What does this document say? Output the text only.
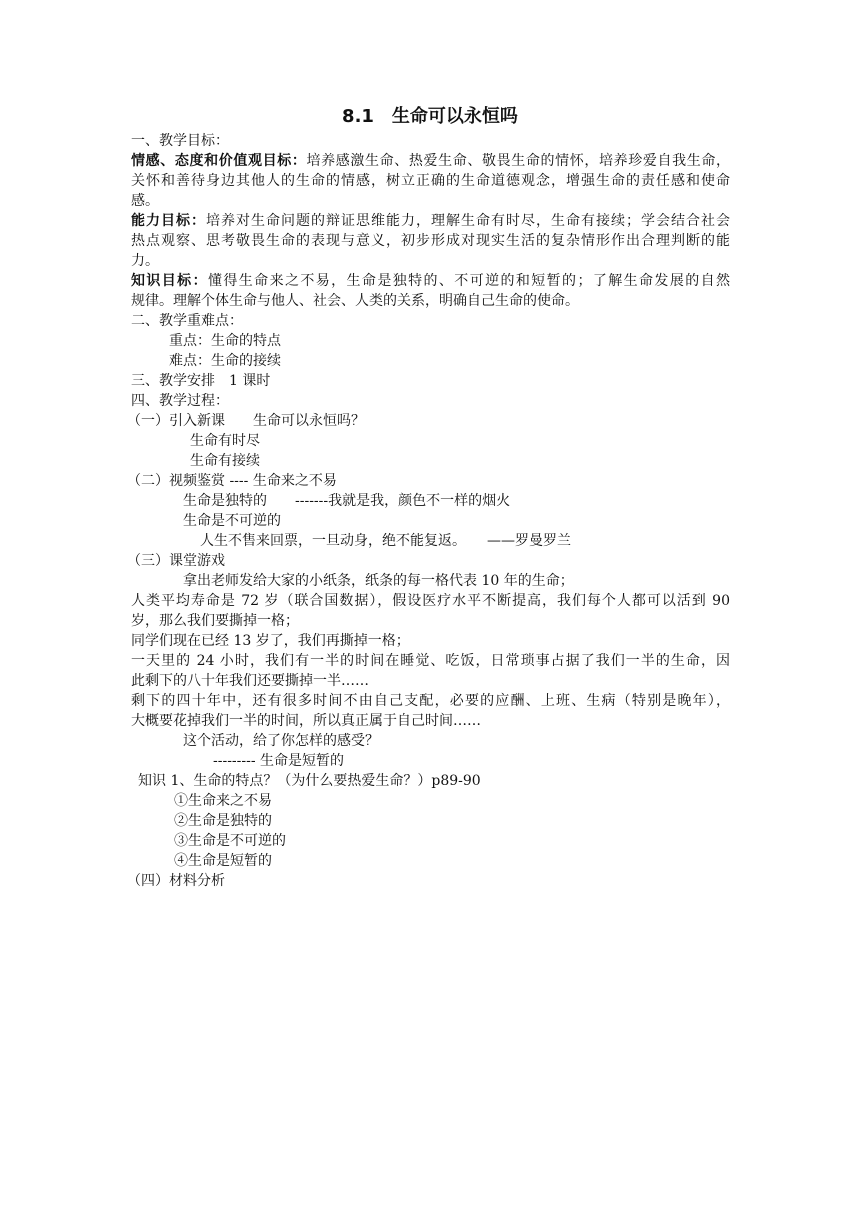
8.1　生命可以永恒吗
一、教学目标：
情感、态度和价值观目标：培养感激生命、热爱生命、敬畏生命的情怀，培养珍爱自我生命，
关怀和善待身边其他人的生命的情感，树立正确的生命道德观念，增强生命的责任感和使命
感。
能力目标：培养对生命问题的辩证思维能力，理解生命有时尽，生命有接续；学会结合社会
热点观察、思考敬畏生命的表现与意义，初步形成对现实生活的复杂情形作出合理判断的能
力。
知识目标：懂得生命来之不易，生命是独特的、不可逆的和短暂的；了解生命发展的自然
规律。理解个体生命与他人、社会、人类的关系，明确自己生命的使命。
二、教学重难点：
重点：生命的特点
难点：生命的接续
三、教学安排　1 课时
四、教学过程：
（一）引入新课　　生命可以永恒吗？
生命有时尽
生命有接续
（二）视频鉴赏 ---- 生命来之不易
生命是独特的　　-------我就是我，颜色不一样的烟火
生命是不可逆的
人生不售来回票，一旦动身，绝不能复返。　　——罗曼罗兰
（三）课堂游戏
拿出老师发给大家的小纸条，纸条的每一格代表 10 年的生命；
人类平均寿命是 72 岁（联合国数据），假设医疗水平不断提高，我们每个人都可以活到 90
岁，那么我们要撕掉一格；
同学们现在已经 13 岁了，我们再撕掉一格；
一天里的 24 小时，我们有一半的时间在睡觉、吃饭，日常琐事占据了我们一半的生命，因
此剩下的八十年我们还要撕掉一半……
剩下的四十年中，还有很多时间不由自己支配，必要的应酬、上班、生病（特别是晚年），
大概要花掉我们一半的时间，所以真正属于自己时间……
这个活动，给了你怎样的感受？
--------- 生命是短暂的
知识 1、生命的特点？（为什么要热爱生命？）p89-90
①生命来之不易
②生命是独特的
③生命是不可逆的
④生命是短暂的
（四）材料分析
